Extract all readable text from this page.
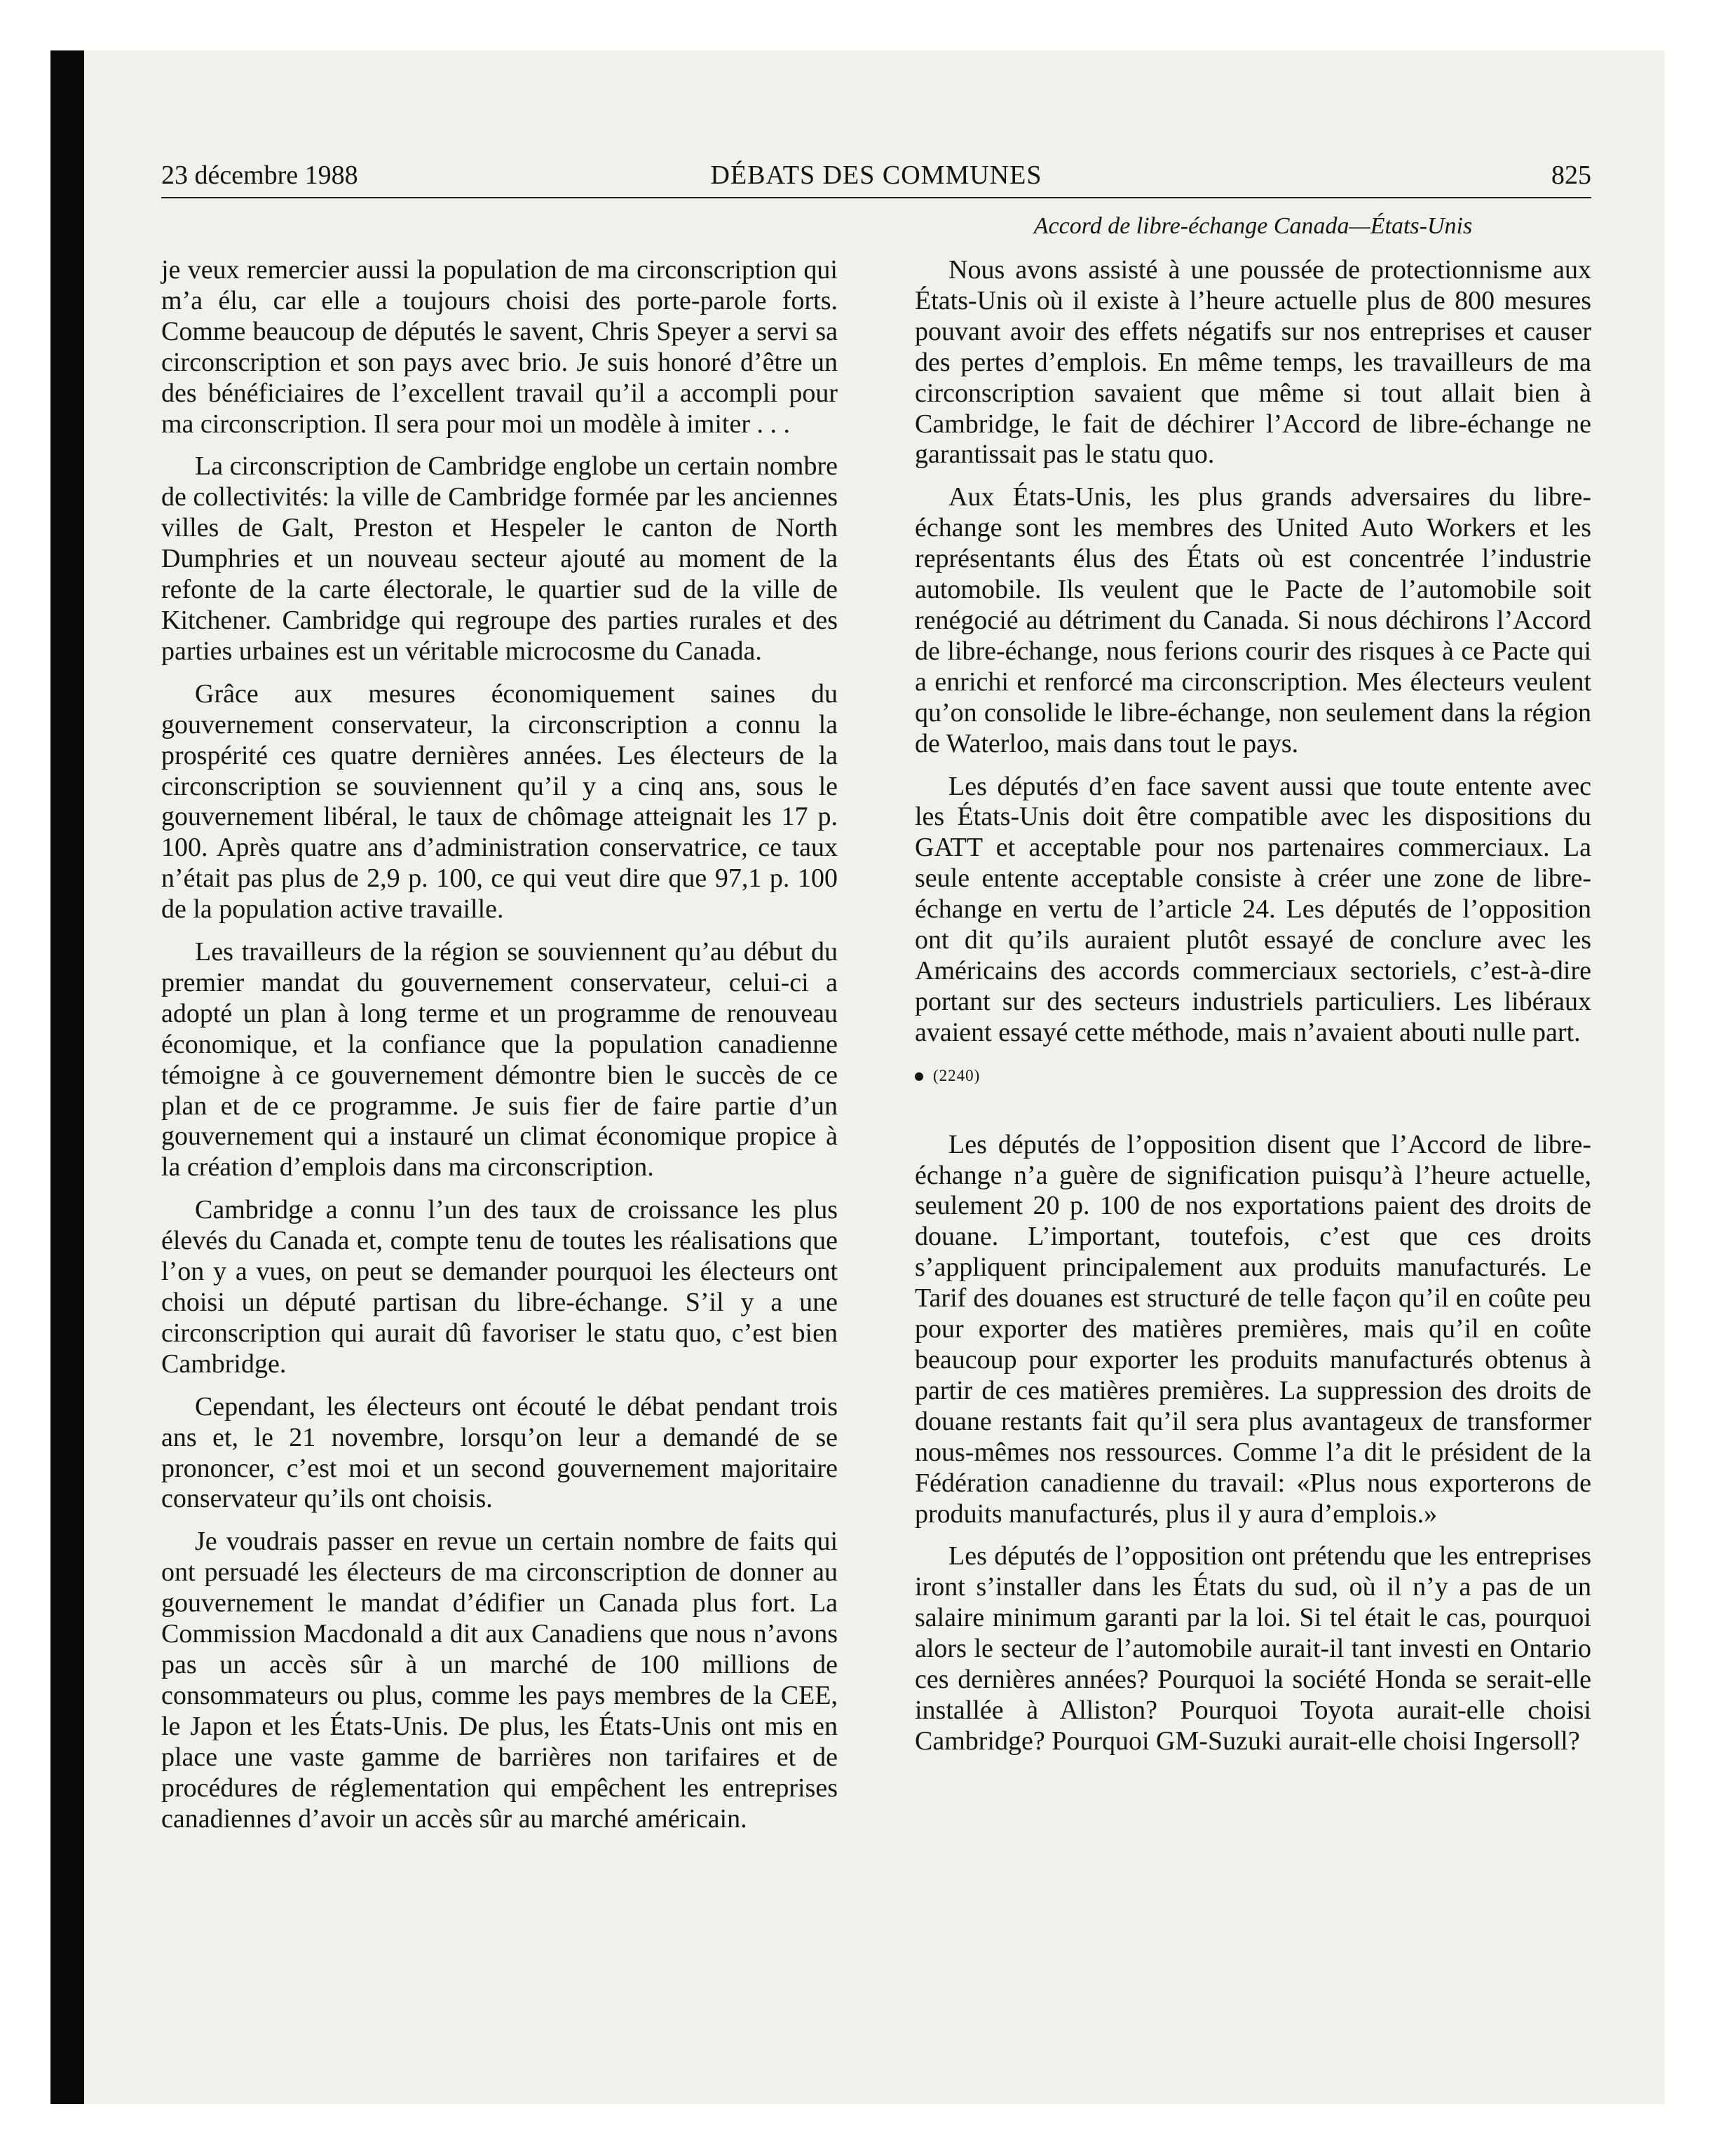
23 décembre 1988	DÉBATS DES COMMUNES	825
Accord de libre-échange Canada—États-Unis

je veux remercier aussi la population de ma circonscription qui m’a élu, car elle a toujours choisi des porte-parole forts. Comme beaucoup de députés le savent, Chris Speyer a servi sa circonscription et son pays avec brio. Je suis honoré d’être un des bénéficiaires de l’excellent travail qu’il a accompli pour ma circonscription. Il sera pour moi un modèle à imiter . . .

La circonscription de Cambridge englobe un certain nombre de collectivités: la ville de Cambridge formée par les anciennes villes de Galt, Preston et Hespeler le canton de North Dumphries et un nouveau secteur ajouté au moment de la refonte de la carte électorale, le quartier sud de la ville de Kitchener. Cambridge qui regroupe des parties rurales et des parties urbaines est un véritable microcosme du Canada.

Grâce aux mesures économiquement saines du gouvernement conservateur, la circonscription a connu la prospérité ces quatre dernières années. Les électeurs de la circonscription se souviennent qu’il y a cinq ans, sous le gouvernement libéral, le taux de chômage atteignait les 17 p. 100. Après quatre ans d’administration conservatrice, ce taux n’était pas plus de 2,9 p. 100, ce qui veut dire que 97,1 p. 100 de la population active travaille.

Les travailleurs de la région se souviennent qu’au début du premier mandat du gouvernement conservateur, celui-ci a adopté un plan à long terme et un programme de renouveau économique, et la confiance que la population canadienne témoigne à ce gouvernement démontre bien le succès de ce plan et de ce programme. Je suis fier de faire partie d’un gouvernement qui a instauré un climat économique propice à la création d’emplois dans ma circonscription.

Cambridge a connu l’un des taux de croissance les plus élevés du Canada et, compte tenu de toutes les réalisations que l’on y a vues, on peut se demander pourquoi les électeurs ont choisi un député partisan du libre-échange. S’il y a une circonscription qui aurait dû favoriser le statu quo, c’est bien Cambridge.

Cependant, les électeurs ont écouté le débat pendant trois ans et, le 21 novembre, lorsqu’on leur a demandé de se prononcer, c’est moi et un second gouvernement majoritaire conservateur qu’ils ont choisis.

Je voudrais passer en revue un certain nombre de faits qui ont persuadé les électeurs de ma circonscription de donner au gouvernement le mandat d’édifier un Canada plus fort. La Commission Macdonald a dit aux Canadiens que nous n’avons pas un accès sûr à un marché de 100 millions de consommateurs ou plus, comme les pays membres de la CEE, le Japon et les États-Unis. De plus, les États-Unis ont mis en place une vaste gamme de barrières non tarifaires et de procédures de réglementation qui empêchent les entreprises canadiennes d’avoir un accès sûr au marché américain.

Nous avons assisté à une poussée de protectionnisme aux États-Unis où il existe à l’heure actuelle plus de 800 mesures pouvant avoir des effets négatifs sur nos entreprises et causer des pertes d’emplois. En même temps, les travailleurs de ma circonscription savaient que même si tout allait bien à Cambridge, le fait de déchirer l’Accord de libre-échange ne garantissait pas le statu quo.

Aux États-Unis, les plus grands adversaires du libre-échange sont les membres des United Auto Workers et les représentants élus des États où est concentrée l’industrie automobile. Ils veulent que le Pacte de l’automobile soit renégocié au détriment du Canada. Si nous déchirons l’Accord de libre-échange, nous ferions courir des risques à ce Pacte qui a enrichi et renforcé ma circonscription. Mes électeurs veulent qu’on consolide le libre-échange, non seulement dans la région de Waterloo, mais dans tout le pays.

Les députés d’en face savent aussi que toute entente avec les États-Unis doit être compatible avec les dispositions du GATT et acceptable pour nos partenaires commerciaux. La seule entente acceptable consiste à créer une zone de libre-échange en vertu de l’article 24. Les députés de l’opposition ont dit qu’ils auraient plutôt essayé de conclure avec les Américains des accords commerciaux sectoriels, c’est-à-dire portant sur des secteurs industriels particuliers. Les libéraux avaient essayé cette méthode, mais n’avaient abouti nulle part.

(2240)

Les députés de l’opposition disent que l’Accord de libre-échange n’a guère de signification puisqu’à l’heure actuelle, seulement 20 p. 100 de nos exportations paient des droits de douane. L’important, toutefois, c’est que ces droits s’appliquent principalement aux produits manufacturés. Le Tarif des douanes est structuré de telle façon qu’il en coûte peu pour exporter des matières premières, mais qu’il en coûte beaucoup pour exporter les produits manufacturés obtenus à partir de ces matières premières. La suppression des droits de douane restants fait qu’il sera plus avantageux de transformer nous-mêmes nos ressources. Comme l’a dit le président de la Fédération canadienne du travail: «Plus nous exporterons de produits manufacturés, plus il y aura d’emplois.»

Les députés de l’opposition ont prétendu que les entreprises iront s’installer dans les États du sud, où il n’y a pas de un salaire minimum garanti par la loi. Si tel était le cas, pourquoi alors le secteur de l’automobile aurait-il tant investi en Ontario ces dernières années? Pourquoi la société Honda se serait-elle installée à Alliston? Pourquoi Toyota aurait-elle choisi Cambridge? Pourquoi GM-Suzuki aurait-elle choisi Ingersoll?
